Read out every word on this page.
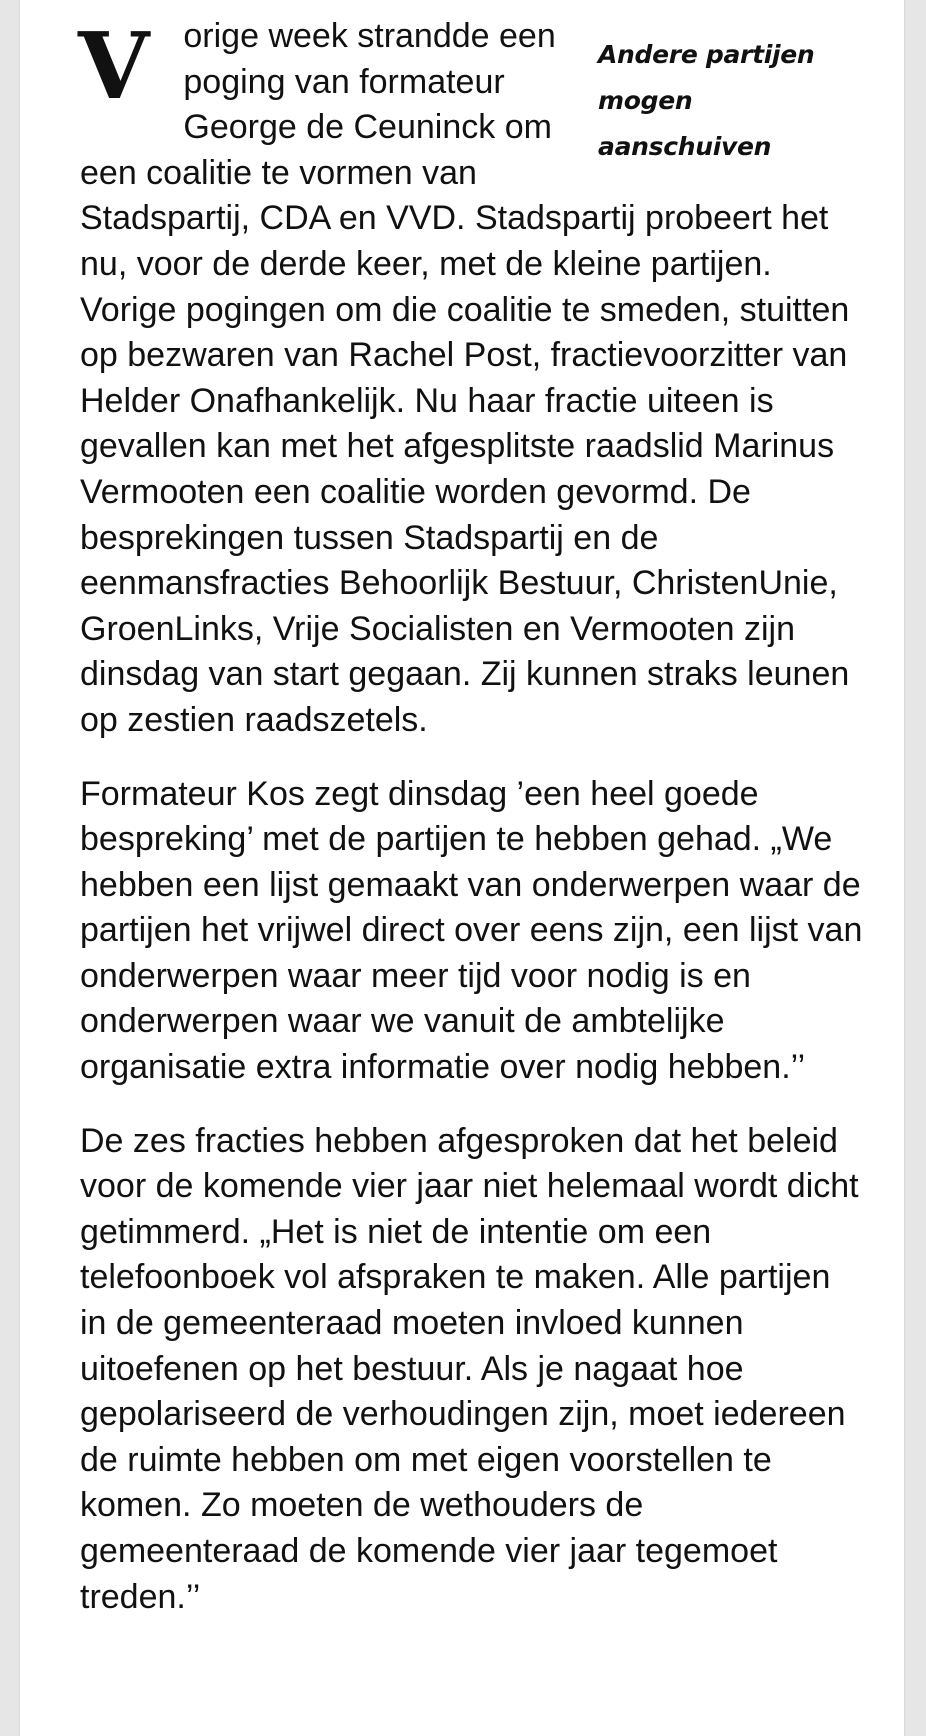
Andere partijen mogen aanschuiven
V orige week strandde een poging van formateur George de Ceuninck om een coalitie te vormen van Stadspartij, CDA en VVD. Stadspartij probeert het nu, voor de derde keer, met de kleine partijen. Vorige pogingen om die coalitie te smeden, stuitten op bezwaren van Rachel Post, fractievoorzitter van Helder Onafhankelijk. Nu haar fractie uiteen is gevallen kan met het afgesplitste raadslid Marinus Vermooten een coalitie worden gevormd. De besprekingen tussen Stadspartij en de eenmansfracties Behoorlijk Bestuur, ChristenUnie, GroenLinks, Vrije Socialisten en Vermooten zijn dinsdag van start gegaan. Zij kunnen straks leunen op zestien raadszetels.
Formateur Kos zegt dinsdag ’een heel goede bespreking’ met de partijen te hebben gehad. „We hebben een lijst gemaakt van onderwerpen waar de partijen het vrijwel direct over eens zijn, een lijst van onderwerpen waar meer tijd voor nodig is en onderwerpen waar we vanuit de ambtelijke organisatie extra informatie over nodig hebben.’’
De zes fracties hebben afgesproken dat het beleid voor de komende vier jaar niet helemaal wordt dicht getimmerd. „Het is niet de intentie om een telefoonboek vol afspraken te maken. Alle partijen in de gemeenteraad moeten invloed kunnen uitoefenen op het bestuur. Als je nagaat hoe gepolariseerd de verhoudingen zijn, moet iedereen de ruimte hebben om met eigen voorstellen te komen. Zo moeten de wethouders de gemeenteraad de komende vier jaar tegemoet treden.’’
